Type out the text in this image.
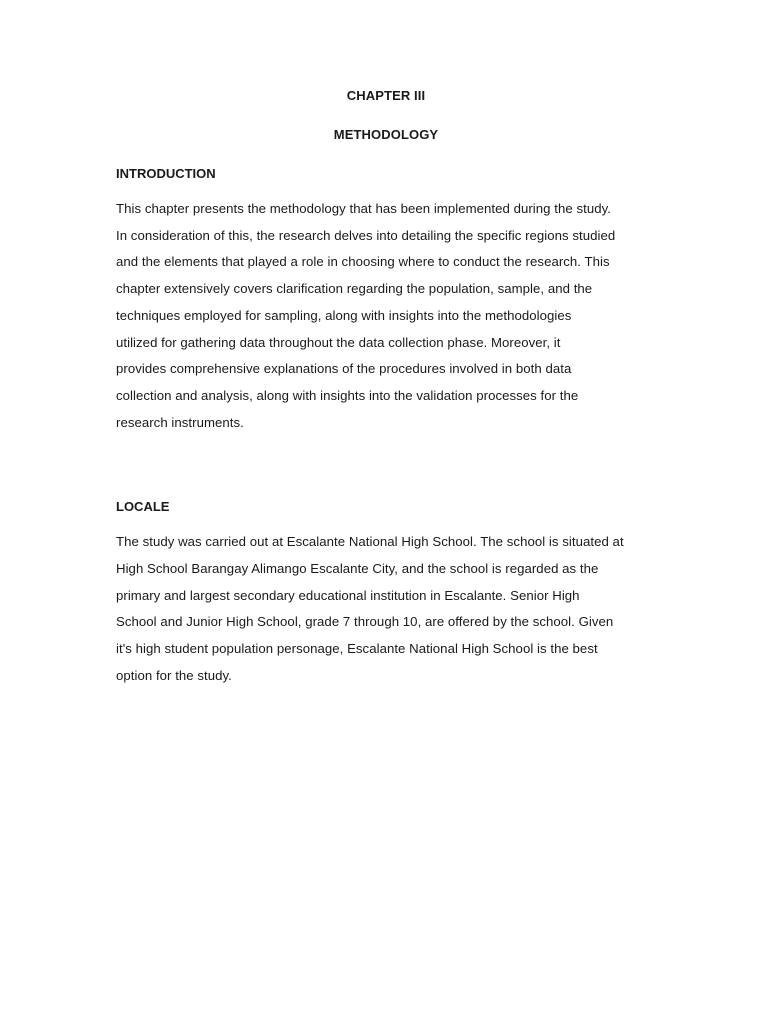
CHAPTER III

METHODOLOGY

INTRODUCTION

This chapter presents the methodology that has been implemented during the study.
In consideration of this, the research delves into detailing the specific regions studied
and the elements that played a role in choosing where to conduct the research. This
chapter extensively covers clarification regarding the population, sample, and the
techniques employed for sampling, along with insights into the methodologies
utilized for gathering data throughout the data collection phase. Moreover, it
provides comprehensive explanations of the procedures involved in both data
collection and analysis, along with insights into the validation processes for the
research instruments.

LOCALE

The study was carried out at Escalante National High School. The school is situated at
High School Barangay Alimango Escalante City, and the school is regarded as the
primary and largest secondary educational institution in Escalante. Senior High
School and Junior High School, grade 7 through 10, are offered by the school. Given
it's high student population personage, Escalante National High School is the best
option for the study.
